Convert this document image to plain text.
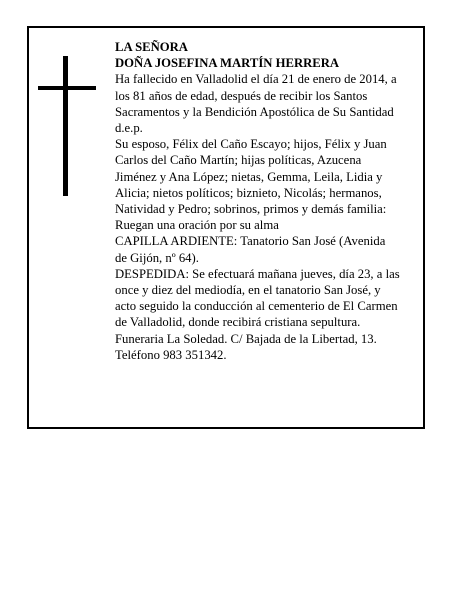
LA SEÑORA
DOÑA JOSEFINA MARTÍN HERRERA
Ha fallecido en Valladolid el día 21 de enero de 2014, a
los 81 años de edad, después de recibir los Santos
Sacramentos y la Bendición Apostólica de Su Santidad
d.e.p.
Su esposo, Félix del Caño Escayo; hijos, Félix y Juan
Carlos del Caño Martín; hijas políticas, Azucena
Jiménez y Ana López; nietas, Gemma, Leila, Lidia y
Alicia; nietos políticos; biznieto, Nicolás; hermanos,
Natividad y Pedro; sobrinos, primos y demás familia:
Ruegan una oración por su alma
CAPILLA ARDIENTE: Tanatorio San José (Avenida
de Gijón, nº 64).
DESPEDIDA: Se efectuará mañana jueves, día 23, a las
once y diez del mediodía, en el tanatorio San José, y
acto seguido la conducción al cementerio de El Carmen
de Valladolid, donde recibirá cristiana sepultura.
Funeraria La Soledad. C/ Bajada de la Libertad, 13.
Teléfono 983 351342.
